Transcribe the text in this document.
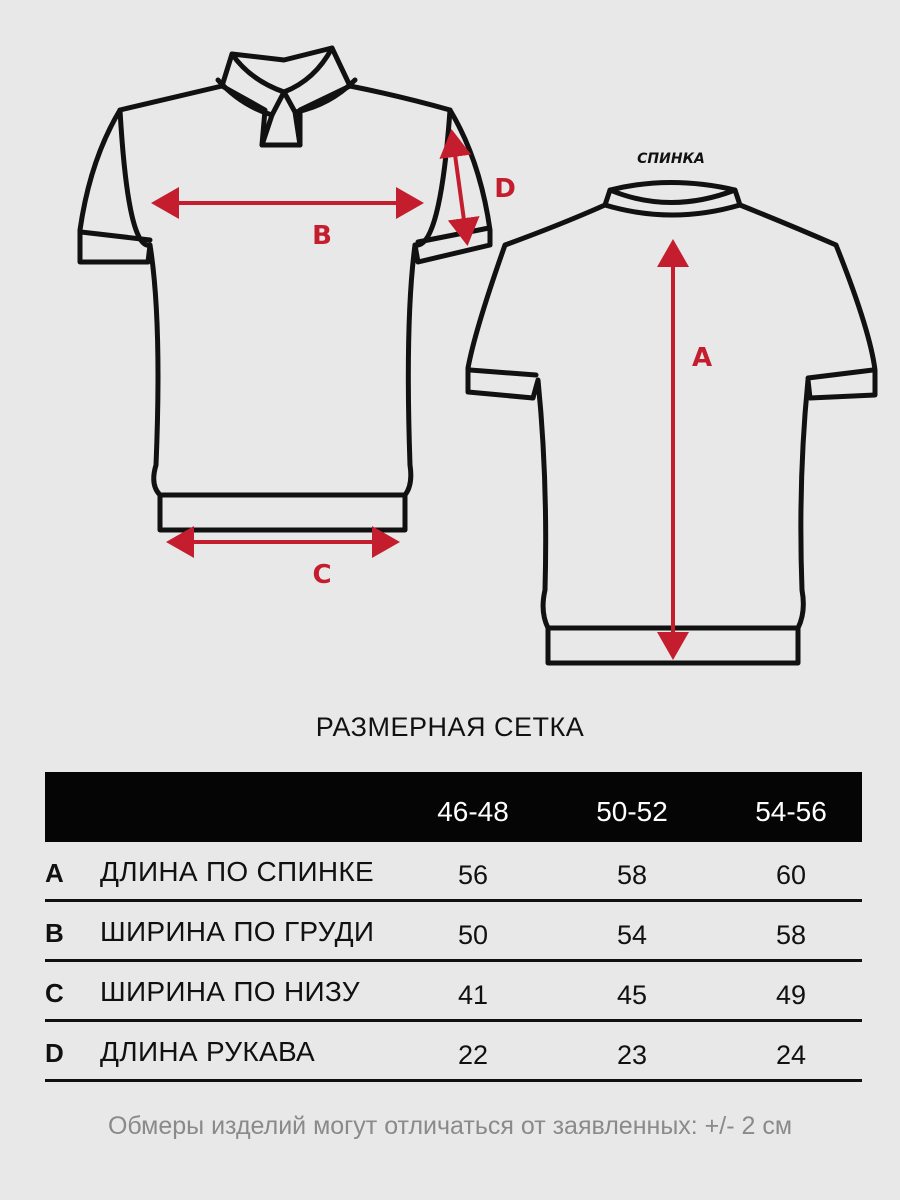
B
C
D
A
СПИНКА
РАЗМЕРНАЯ СЕТКА
46-48	50-52	54-56
A ДЛИНА ПО СПИНКЕ	56	58	60
B ШИРИНА ПО ГРУДИ	50	54	58
C ШИРИНА ПО НИЗУ	41	45	49
D ДЛИНА РУКАВА	22	23	24
Обмеры изделий могут отличаться от заявленных: +/- 2 см
